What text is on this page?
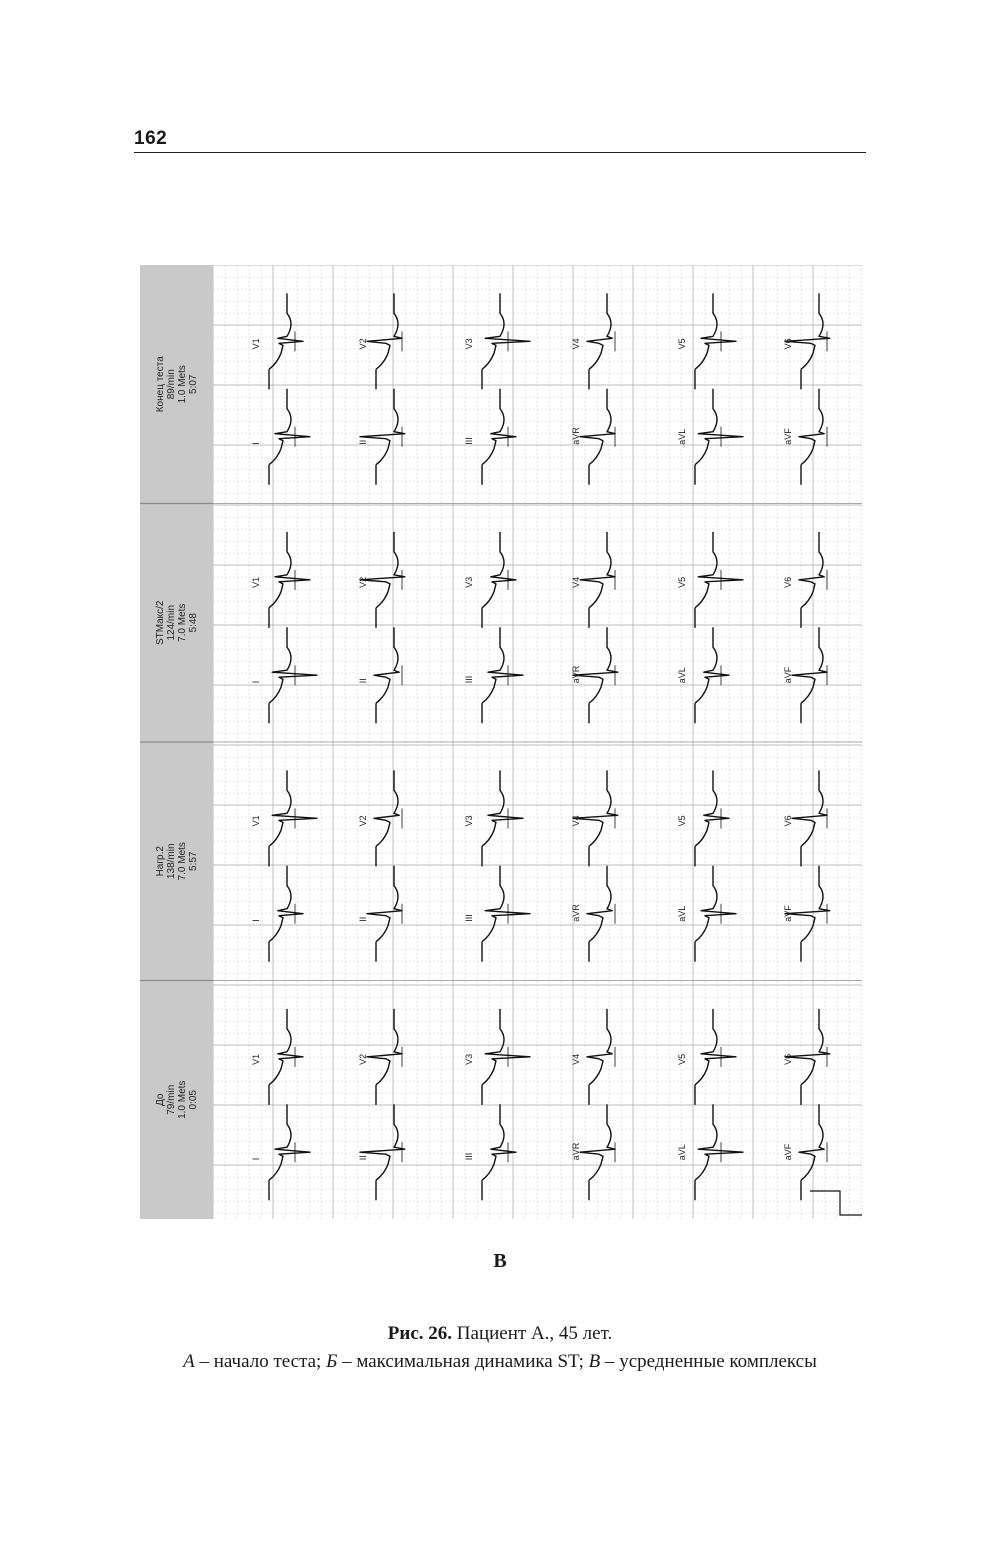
162
Конец теста 89/min 1.0 Mets 5:07
STMакс/2 124/min 7.0 Mets 5:48
Нагр.2 138/min 7.0 Mets 5:57
До 79/min 1.0 Mets 0:05
V1
I
V2
II
V3
III
V4
aVR
V5
aVL
V6
aVF
V1
I
V2
II
V3
III
V4
aVR
V5
aVL
V6
aVF
V1
I
V2
II
V3
III
V4
aVR
V5
aVL
V6
aVF
V1
I
V2
II
V3
III
V4
aVR
V5
aVL
V6
aVF
В
Рис. 26. Пациент А., 45 лет.
А – начало теста; Б – максимальная динамика ST; В – усредненные комплексы
